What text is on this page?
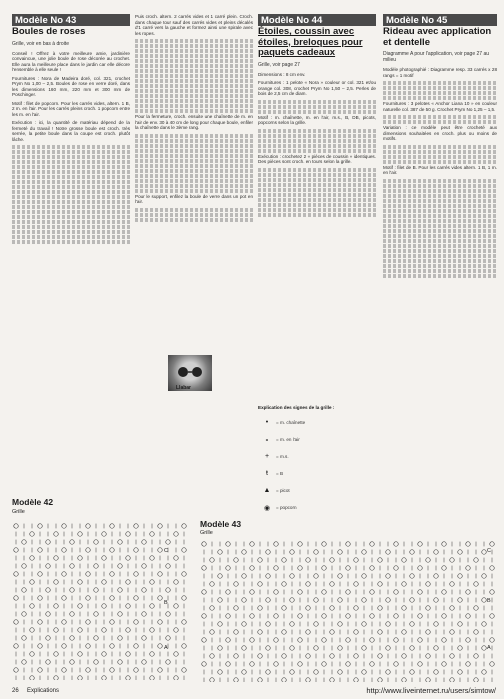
Modèle No 43
Boules de roses
Grille, voir en bas à droite

Conseil ! Offrez à votre meilleure amie, jardinière convaincue, une jolie boule de rose décorée au crochet. Elle aura la meilleure place dans le jardin car elle décore l'ensemble à elle seule !

Fournitures : Nora de Madeira doré, col. 321, crochet Prym No 1,00 – 2,5. Boules de rose en verre doré, dans les dimensions 160 mm, 220 mm et 300 mm de Poschinger.

Motif : filet de popcorn. Pour les carrés vides, altern. 1 B, 2 m. en l'air. Pour les carrés pleins croch. 1 popcorn entre les m. en l'air.

Exécution : ici, la quantité de matériau dépend de la fermeté du travail ! Notre grosse boule est croch. très serrée, la petite boule dans la coupe est croch. plutôt lâche.

Puis croch. altern. 2 carrés vides et 1 carré plein. Croch. dans chaque tour sauf des carrés vides et pleins décalés d'1 carré vers la gauche et formez ainsi une spirale avec les ropes.

Pour la fermeture, croch. ensuite une chaînette de m. en l'air de env. 30 à 40 cm de long pour chaque boule, enfiler la chaînette dans le 3ème rang.

Pour le support, enfilez la boule de verre dans un pot en l'air.

Modèle No 44
Étoiles, coussin avec étoiles, breloques pour paquets cadeaux
Grille, voir page 27

Dimensions : 8 cm env.

Fournitures : 1 pelote « Nora » couleur or col. 321 et/ou orange col. 308, crochet Prym No 1,50 – 2,5. Perles de bois de 2,5 cm de diam.

Motif : m. chaînette, m. en l'air, m.s., B, DB, picots, popcorns selon la grille.

Exécution : crochetez 2 « pièces de coussin » identiques. Des pièces sont croch. en tours selon la grille.

Modèle No 45
Rideau avec application et dentelle
Diagramme A pour l'application, voir page 27 au milieu

Modèle photographié : Diagramme resp. 33 carrés x 28 rangs = 1 motif

Fournitures : 3 pelotes « Anchor Liana 10 » en couleur naturelle col. 387 de 50 g. Crochet Prym No 1,25 – 1,5.

Variation : ce modèle peut être crocheté aux dimensions souhaitées en croch. plus ou moins de motifs.

Motif : filet de B. Pour les carrés vides altern. 1 B, 1 m. en l'air.

Llabar
Explication des signes de la grille :
•	= m. chaînette
∘	= m. en l'air
+	= m.s.
ŧ	= B
▲	= picot
◉	= popcorn
Modèle 42
Grille
C
B
A
Modèle 43
Grille
C
B
A
26 Explications	http://www.liveinternet.ru/users/simtow/
